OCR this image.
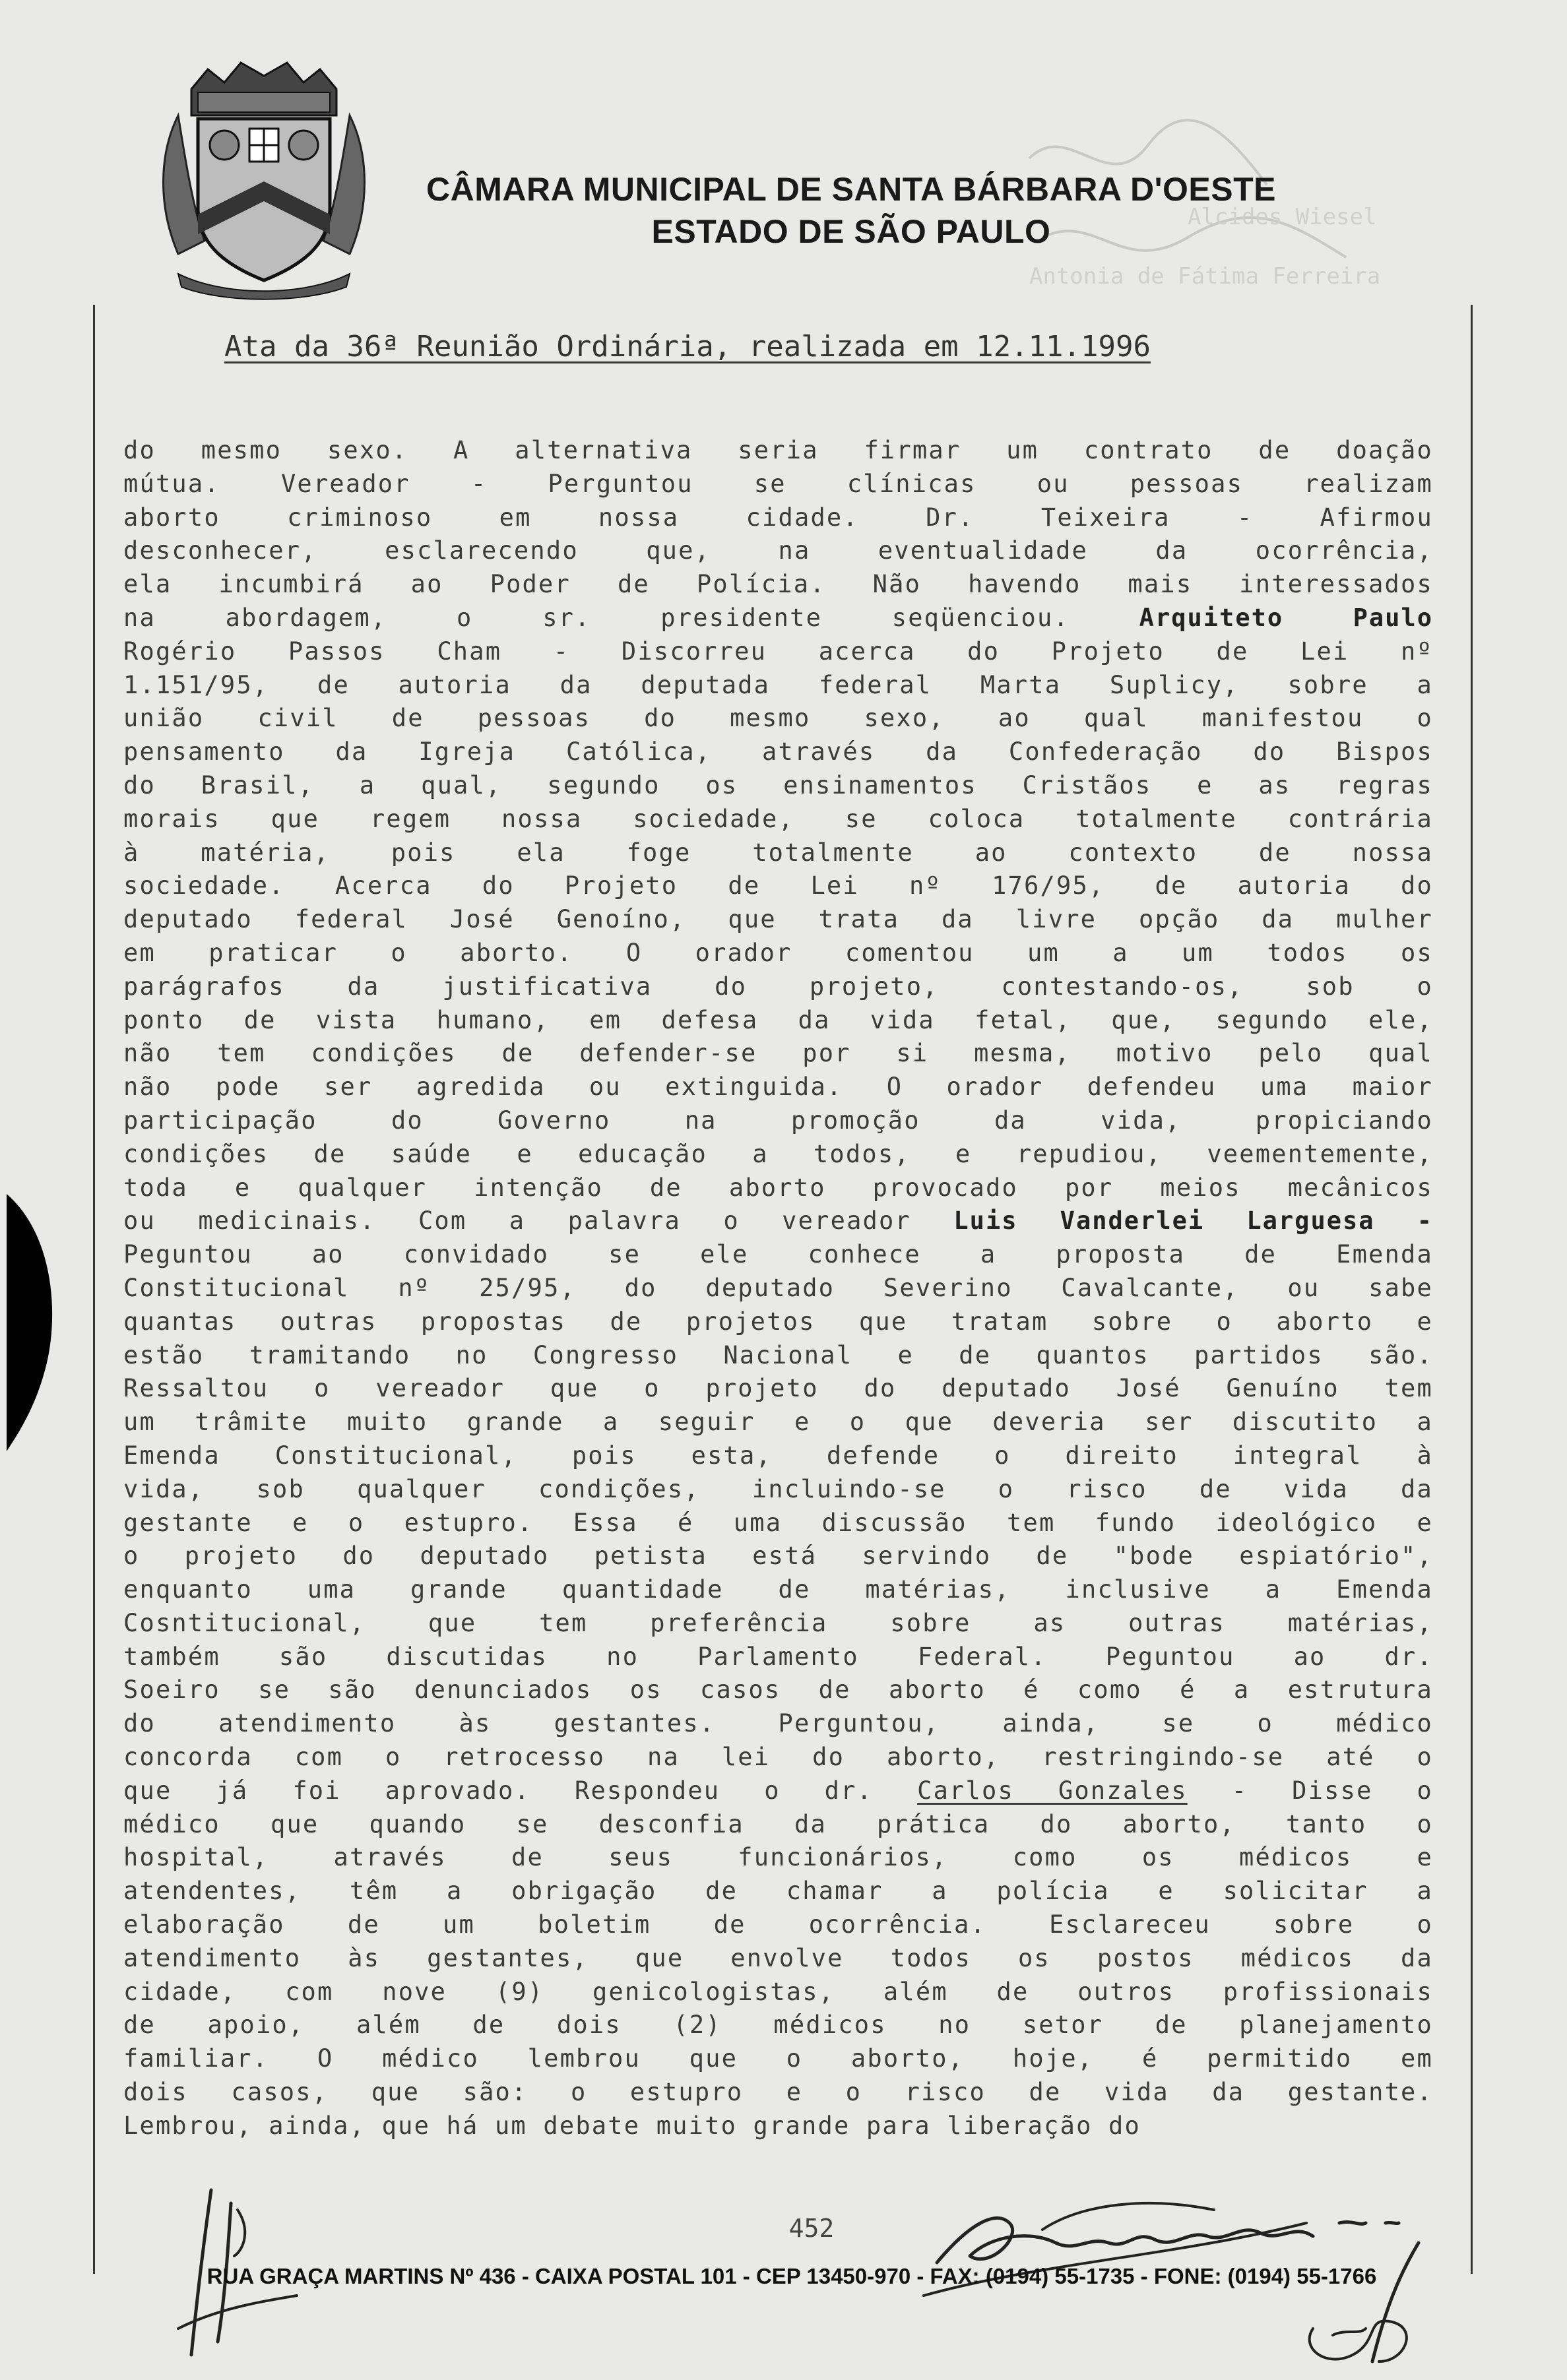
Alcides Wiesel
Antonia de Fátima Ferreira
CÂMARA MUNICIPAL DE SANTA BÁRBARA D'OESTE
ESTADO DE SÃO PAULO
Ata da 36ª Reunião Ordinária, realizada em 12.11.1996
do mesmo sexo. A alternativa seria firmar um contrato de doação
mútua. Vereador - Perguntou se clínicas ou pessoas realizam
aborto criminoso em nossa cidade. Dr. Teixeira - Afirmou
desconhecer, esclarecendo que, na eventualidade da ocorrência,
ela incumbirá ao Poder de Polícia. Não havendo mais interessados
na abordagem, o sr. presidente seqüenciou.	Arquiteto Paulo
Rogério Passos Cham - Discorreu acerca do Projeto de Lei nº
1.151/95, de autoria da deputada federal Marta Suplicy, sobre a
união civil de pessoas do mesmo sexo, ao qual manifestou o
pensamento da Igreja Católica, através da Confederação do Bispos
do Brasil, a qual, segundo os ensinamentos Cristãos e as regras
morais que regem nossa sociedade, se coloca totalmente contrária
à matéria, pois ela foge totalmente ao contexto de nossa
sociedade. Acerca do Projeto de Lei nº 176/95, de autoria do
deputado federal José Genoíno, que trata da livre opção da mulher
em praticar o aborto. O orador comentou um a um todos os
parágrafos da justificativa do projeto, contestando-os, sob o
ponto de vista humano, em defesa da vida fetal, que, segundo ele,
não tem condições de defender-se por si mesma, motivo pelo qual
não pode ser agredida ou extinguida. O orador defendeu uma maior
participação do Governo na promoção da vida, propiciando
condições de saúde e educação a todos, e repudiou, veementemente,
toda e qualquer intenção de aborto provocado por meios mecânicos
ou medicinais. Com a palavra o vereador Luis Vanderlei Larguesa -
Peguntou ao convidado se ele conhece a proposta de Emenda
Constitucional nº 25/95, do deputado Severino Cavalcante, ou sabe
quantas outras propostas de projetos que tratam sobre o aborto e
estão tramitando no Congresso Nacional e de quantos partidos são.
Ressaltou o vereador que o projeto do deputado José Genuíno tem
um trâmite muito grande a seguir e o que deveria ser discutito a
Emenda Constitucional, pois esta, defende o direito integral à
vida, sob qualquer condições, incluindo-se o risco de vida da
gestante e o estupro. Essa é uma discussão tem fundo ideológico e
o projeto do deputado petista está servindo de "bode espiatório",
enquanto uma grande quantidade de matérias, inclusive a Emenda
Cosntitucional, que tem preferência sobre as outras matérias,
também são discutidas no Parlamento Federal. Peguntou ao dr.
Soeiro se são denunciados os casos de aborto é como é a estrutura
do atendimento às gestantes. Perguntou, ainda, se o médico
concorda com o retrocesso na lei do aborto, restringindo-se até o
que já foi aprovado. Respondeu o dr. Carlos Gonzales - Disse o
médico que quando se desconfia da prática do aborto, tanto o
hospital, através de seus funcionários, como os médicos e
atendentes, têm a obrigação de chamar a polícia e solicitar a
elaboração de um boletim de ocorrência. Esclareceu sobre o
atendimento às gestantes, que envolve todos os postos médicos da
cidade, com nove (9) genicologistas, além de outros profissionais
de apoio, além de dois (2) médicos no setor de planejamento
familiar. O médico lembrou que o aborto, hoje, é permitido em
dois casos, que são: o estupro e o risco de vida da gestante.
Lembrou, ainda, que há um debate muito grande para liberação do
452
RUA GRAÇA MARTINS Nº 436 - CAIXA POSTAL 101 - CEP 13450-970 - FAX: (0194) 55-1735 - FONE: (0194) 55-1766
